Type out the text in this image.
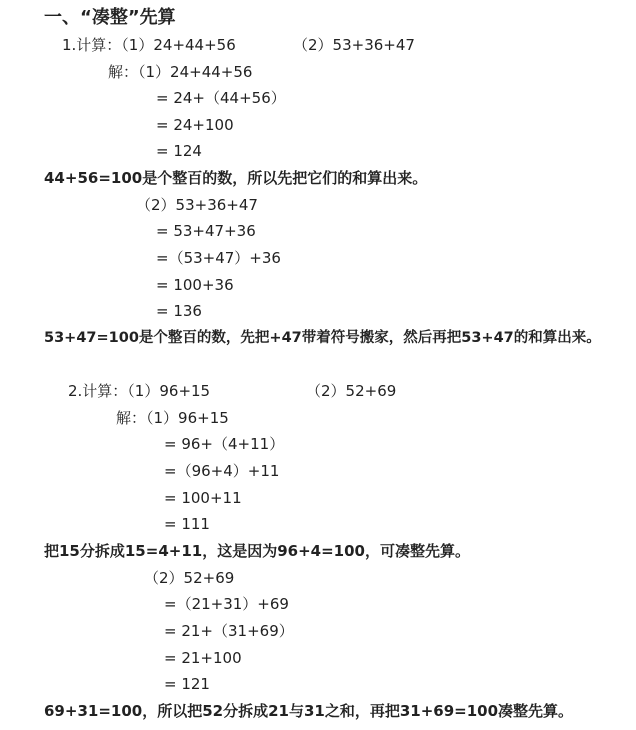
一、“凑整”先算
1.计算：（1）24+44+56	（2）53+36+47
解：（1）24+44+56
= 24+（44+56）
= 24+100
= 124
44+56=100是个整百的数，所以先把它们的和算出来。
（2）53+36+47
= 53+47+36
=（53+47）+36
= 100+36
= 136
53+47=100是个整百的数，先把+47带着符号搬家，然后再把53+47的和算出来。
2.计算：（1）96+15	（2）52+69
解：（1）96+15
= 96+（4+11）
=（96+4）+11
= 100+11
= 111
把15分拆成15=4+11，这是因为96+4=100，可凑整先算。
（2）52+69
=（21+31）+69
= 21+（31+69）
= 21+100
= 121
69+31=100，所以把52分拆成21与31之和，再把31+69=100凑整先算。
